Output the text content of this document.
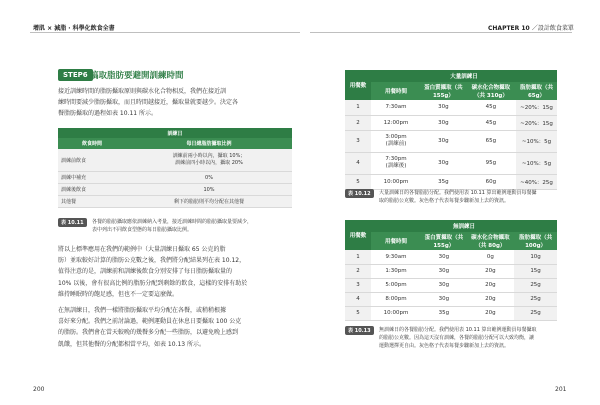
增肌 × 減脂 · 科學化飲食全書	CHAPTER 10 ／設計飲食菜單
STEP6 搞取脂肪要避開訓練時間
接近訓練時間的脂肪攝取原則與碳水化合物相反，我們在接近訓
練時間要減少脂肪攝取，而且時間越接近，攝取量就要越少。決定各
餐脂肪攝取的過程如表 10.11 所示。
訓練日	
飲食時間	每日總脂肪攝取比例
訓練前飲食	訓練前兩小時以內，攝取 10%；
訓練前四小時以內，攝取 20%

訓練中補充	0%
訓練後飲食	10%
其他餐	剩下的脂肪則平均分配在其他餐
表 10.11	各餐的脂肪攝取應依訓練納入考量，接近訓練時間的脂肪攝取量要減少，
表中列出不同飲食型態的每日脂肪攝取比例。
將以上標準應用在我們的範例中（大量訓練日攝取 65 公克的脂
肪）並取較好計算的脂肪公克數之後，我們將分配結果列在表 10.12，
值得注意的是，訓練前和訓練後飲食分別安排了每日脂肪攝取量的
10% 以後，會有很高比例的脂肪分配到剩餘的飲食，這樣的安排有助於
維持睡眠時的飽足感，但也不一定要這麼做。
在無訓練日，我們一樣將脂肪攝取平均分配在各餐，或稍稍根據
喜好來分配。我們之前討論過，範例運動員在休息日要攝取 100 公克
的脂肪。我們會在當天較晚的幾餐多分配一些脂肪，以避免晚上感到
飢餓，但其他餐的分配都相當平均，如表 10.13 所示。
200
用餐數	大量訓練日			
	用餐時間	蛋白質攝取（共 155g）	碳水化合物攝取（共 310g）	脂肪攝取（共 65g）
1	7:30am	30g	45g	~20%：15g
2	12:00pm	30g	45g	~20%：15g
3	3:00pm
(訓練前)	30g	65g	~10%：5g
4	7:30pm
(訓練後)	30g	95g	~10%：5g
5	10:00pm	35g	60g	~40%：25g
表 10.12	大量訓練日的各餐脂肪分配。我們使用表 10.11 算出範例運動員每餐攝
取的脂肪公克數。灰色格子代表每餐步驟新加上去的資訊。
用餐數	無訓練日			
	用餐時間	蛋白質攝取（共 155g）	碳水化合物攝取（共 80g）	脂肪攝取（共 100g）
1	9:30am	30g	0g	10g
2	1:30pm	30g	20g	15g
3	5:00pm	30g	20g	25g
4	8:00pm	30g	20g	25g
5	10:00pm	35g	20g	25g
表 10.13	無訓練日的各餐脂肪分配。我們使用表 10.11 算出範例運動員每餐攝取
的脂肪公克數。因為這天沒有訓練，各餐的脂肪分配可以大致均衡，讓
運動選擇更自由。灰色格子代表每餐步驟新加上去的資訊。
201
